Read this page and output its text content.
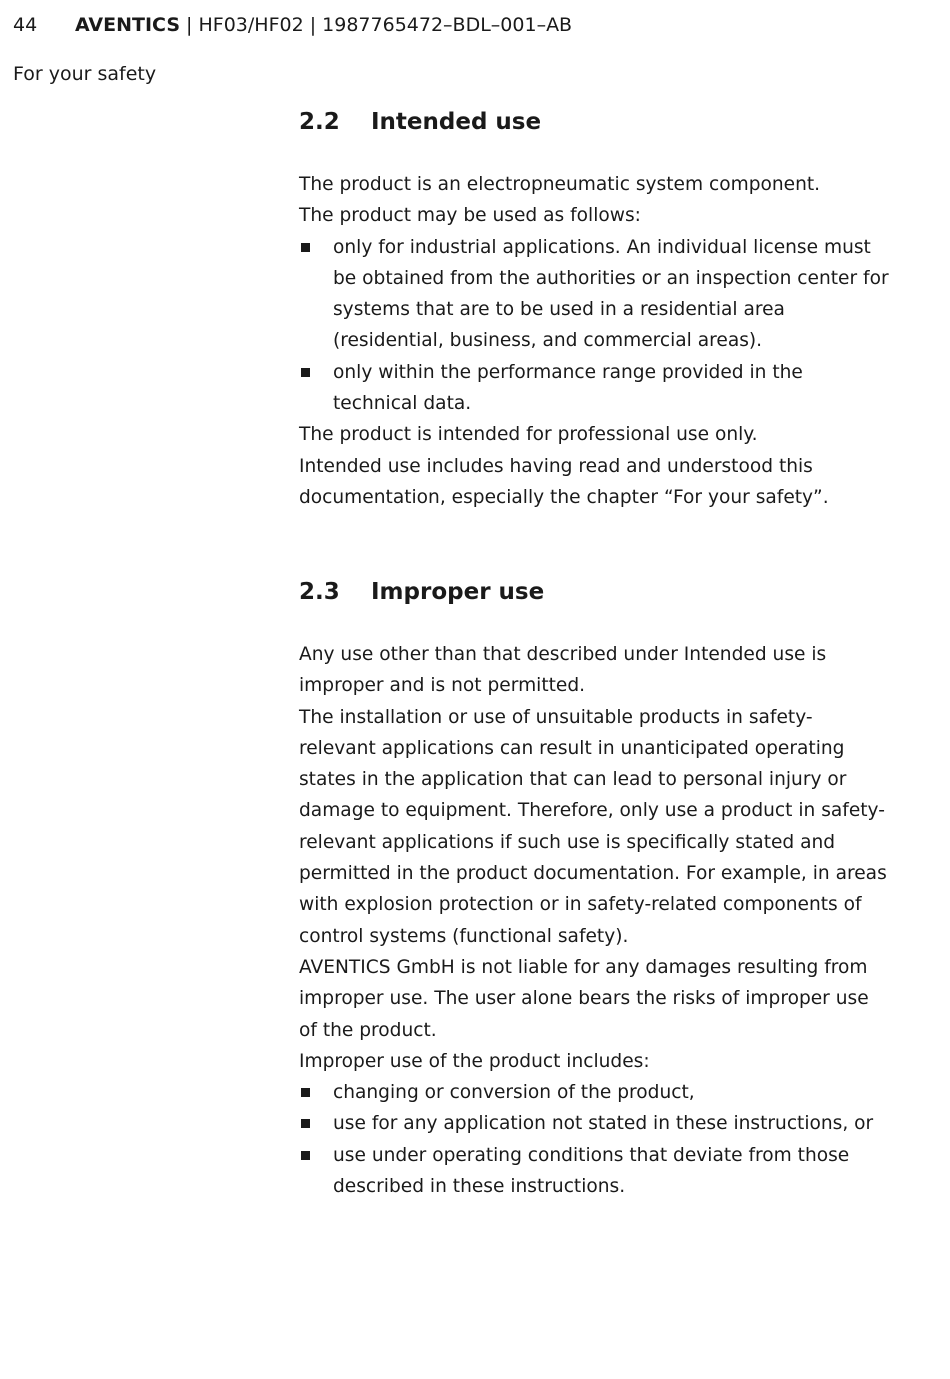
44 AVENTICS | HF03/HF02 | 1987765472–BDL–001–AB
For your safety
2.2 Intended use

The product is an electropneumatic system component.

The product may be used as follows:

only for industrial applications. An individual license must be obtained from the authorities or an inspection center for systems that are to be used in a residential area (residential, business, and commercial areas).
only within the performance range provided in the technical data.

The product is intended for professional use only.

Intended use includes having read and understood this documentation, especially the chapter “For your safety”.

2.3 Improper use

Any use other than that described under Intended use is improper and is not permitted.

The installation or use of unsuitable products in safety-relevant applications can result in unanticipated operating states in the application that can lead to personal injury or damage to equipment. Therefore, only use a product in safety-relevant applications if such use is specifically stated and permitted in the product documentation. For example, in areas with explosion protection or in safety-related components of control systems (functional safety).

AVENTICS GmbH is not liable for any damages resulting from improper use. The user alone bears the risks of improper use of the product.

Improper use of the product includes:

changing or conversion of the product,
use for any application not stated in these instructions, or
use under operating conditions that deviate from those described in these instructions.
